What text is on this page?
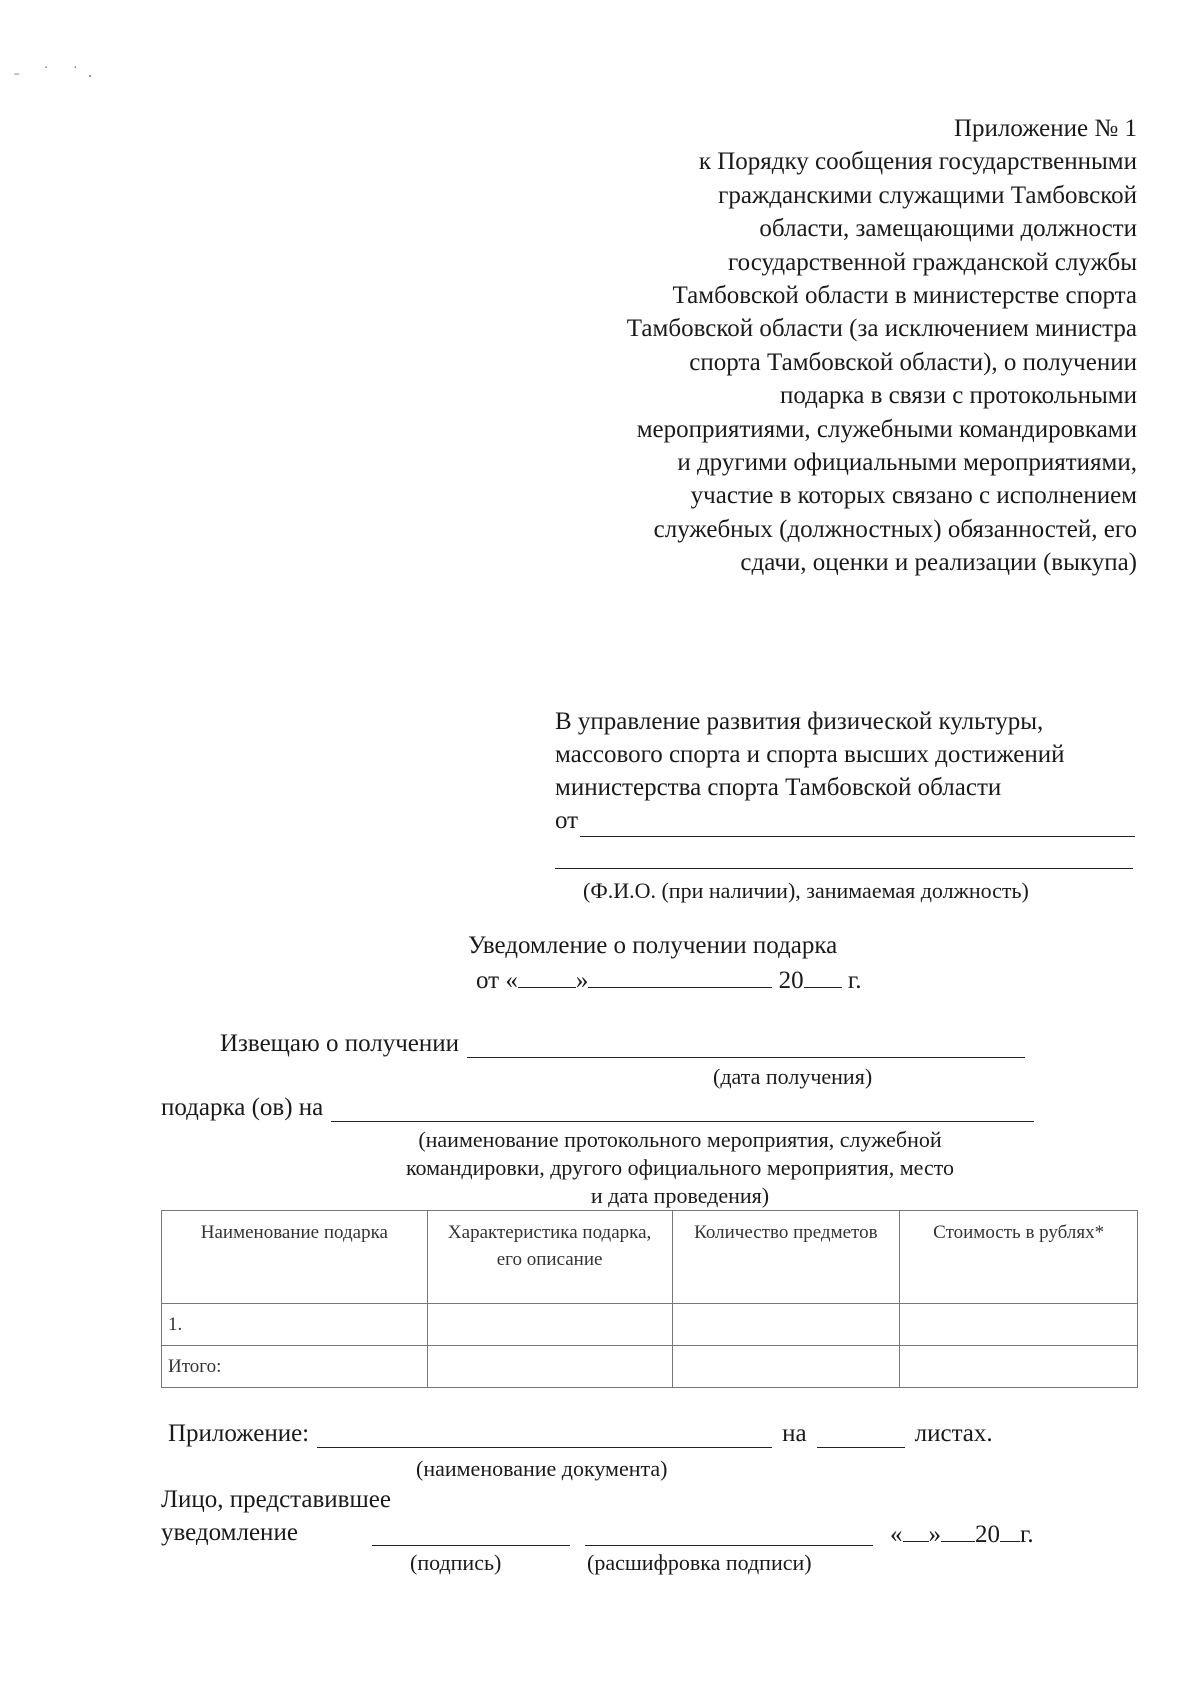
˗ ˙ ˙.
Приложение № 1
к Порядку сообщения государственными
гражданскими служащими Тамбовской
области, замещающими должности
государственной гражданской службы
Тамбовской области в министерстве спорта
Тамбовской области (за исключением министра
спорта Тамбовской области), о получении
подарка в связи с протокольными
мероприятиями, служебными командировками
и другими официальными мероприятиями,
участие в которых связано с исполнением
служебных (должностных) обязанностей, его
сдачи, оценки и реализации (выкупа)
В управление развития физической культуры,
массового спорта и спорта высших достижений
министерства спорта Тамбовской области
от
(Ф.И.О. (при наличии), занимаемая должность)
Уведомление о получении подарка
от « »	20 г.
Извещаю о получении
(дата получения)
подарка (ов) на
(наименование протокольного мероприятия, служебной
командировки, другого официального мероприятия, место
и дата проведения)
Наименование подарка	Характеристика подарка, его описание	Количество предметов	Стоимость в рублях*
1.			
Итого:			
Приложение:	на	листах.
(наименование документа)
Лицо, представившее
уведомление	« » 20 г.
(подпись)	(расшифровка подписи)
